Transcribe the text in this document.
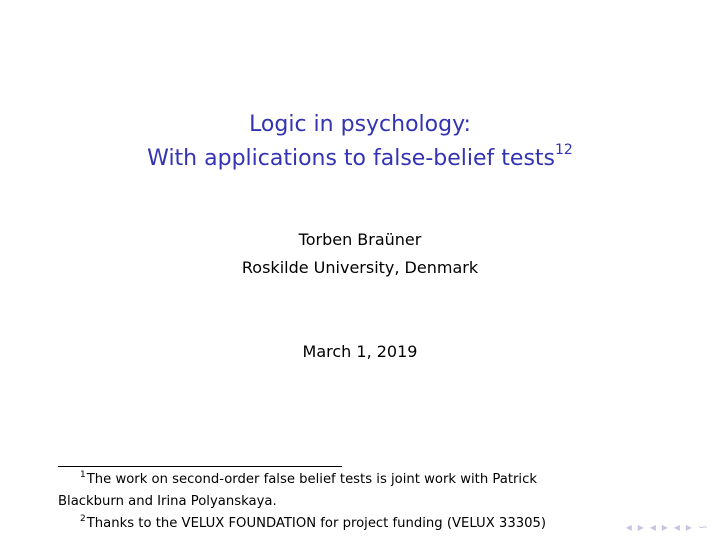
Logic in psychology:
With applications to false-belief tests$^{12}$
Torben Braüner
Roskilde University, Denmark
March 1, 2019
$^1$The work on second-order false belief tests is joint work with Patrick
Blackburn and Irina Polyanskaya.
$^2$Thanks to the VELUX FOUNDATION for project funding (VELUX 33305)	◂ ▸ ◂ ▸ ◂ ▸ ∽
